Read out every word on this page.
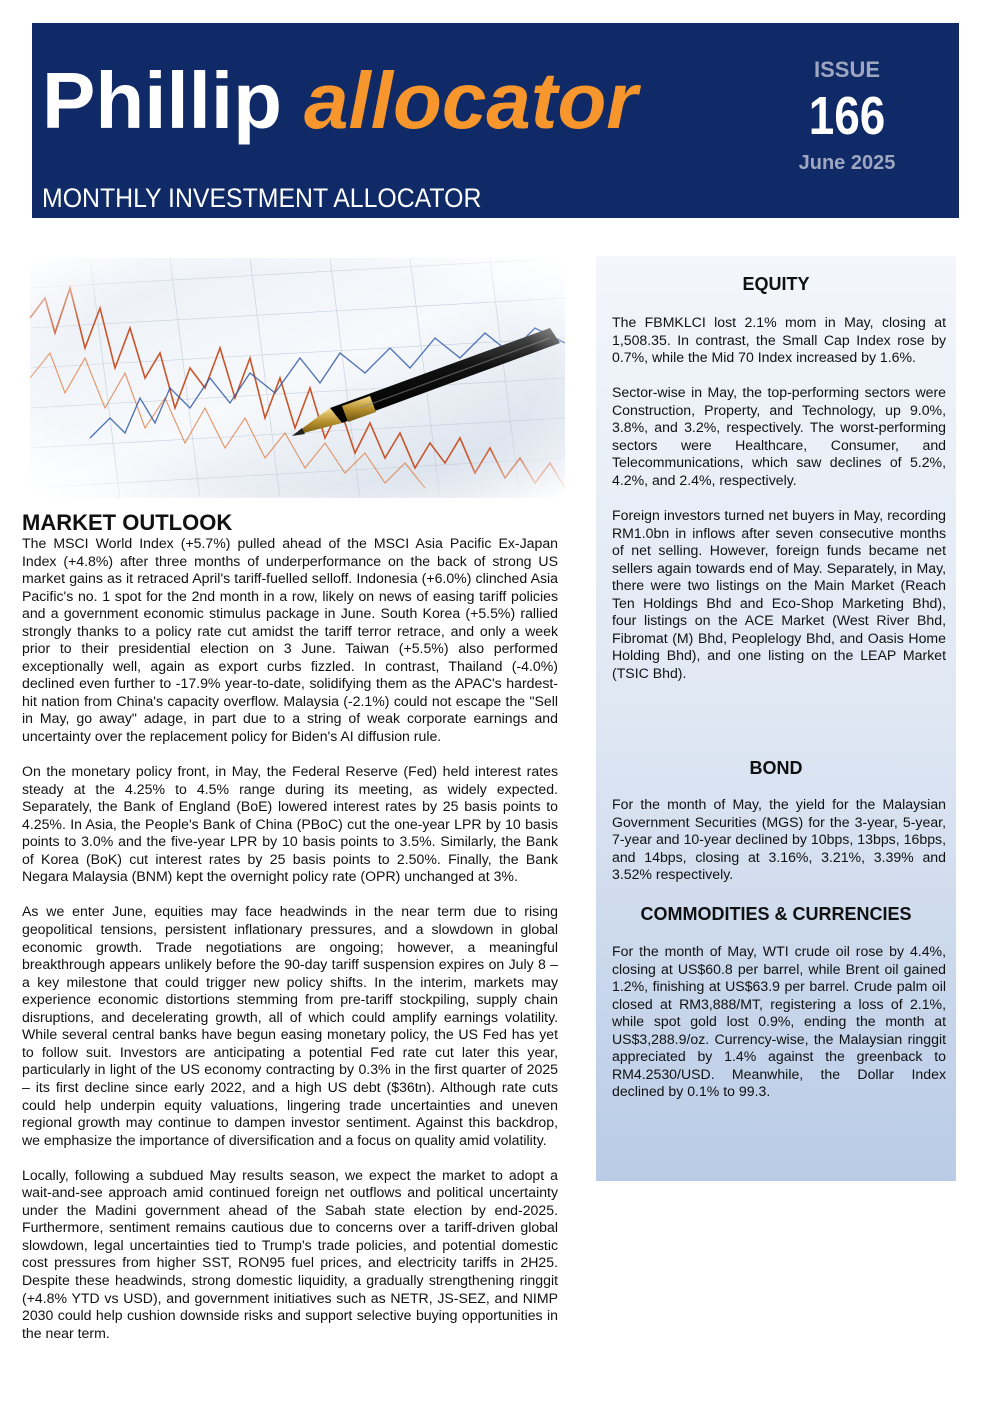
Phillip allocator
MONTHLY INVESTMENT ALLOCATOR
ISSUE
166
June 2025
MARKET OUTLOOK

The MSCI World Index (+5.7%) pulled ahead of the MSCI Asia Pacific Ex-Japan Index (+4.8%) after three months of underperformance on the back of strong US market gains as it retraced April's tariff-fuelled selloff. Indonesia (+6.0%) clinched Asia Pacific's no. 1 spot for the 2nd month in a row, likely on news of easing tariff policies and a government economic stimulus package in June. South Korea (+5.5%) rallied strongly thanks to a policy rate cut amidst the tariff terror retrace, and only a week prior to their presidential election on 3 June. Taiwan (+5.5%) also performed exceptionally well, again as export curbs fizzled. In contrast, Thailand (-4.0%) declined even further to -17.9% year-to-date, solidifying them as the APAC's hardest-hit nation from China's capacity overflow. Malaysia (-2.1%) could not escape the "Sell in May, go away" adage, in part due to a string of weak corporate earnings and uncertainty over the replacement policy for Biden's AI diffusion rule.

On the monetary policy front, in May, the Federal Reserve (Fed) held interest rates steady at the 4.25% to 4.5% range during its meeting, as widely expected. Separately, the Bank of England (BoE) lowered interest rates by 25 basis points to 4.25%. In Asia, the People's Bank of China (PBoC) cut the one-year LPR by 10 basis points to 3.0% and the five-year LPR by 10 basis points to 3.5%. Similarly, the Bank of Korea (BoK) cut interest rates by 25 basis points to 2.50%. Finally, the Bank Negara Malaysia (BNM) kept the overnight policy rate (OPR) unchanged at 3%.

As we enter June, equities may face headwinds in the near term due to rising geopolitical tensions, persistent inflationary pressures, and a slowdown in global economic growth. Trade negotiations are ongoing; however, a meaningful breakthrough appears unlikely before the 90-day tariff suspension expires on July 8 – a key milestone that could trigger new policy shifts. In the interim, markets may experience economic distortions stemming from pre-tariff stockpiling, supply chain disruptions, and decelerating growth, all of which could amplify earnings volatility. While several central banks have begun easing monetary policy, the US Fed has yet to follow suit. Investors are anticipating a potential Fed rate cut later this year, particularly in light of the US economy contracting by 0.3% in the first quarter of 2025 – its first decline since early 2022, and a high US debt ($36tn). Although rate cuts could help underpin equity valuations, lingering trade uncertainties and uneven regional growth may continue to dampen investor sentiment. Against this backdrop, we emphasize the importance of diversification and a focus on quality amid volatility.

Locally, following a subdued May results season, we expect the market to adopt a wait-and-see approach amid continued foreign net outflows and political uncertainty under the Madini government ahead of the Sabah state election by end-2025. Furthermore, sentiment remains cautious due to concerns over a tariff-driven global slowdown, legal uncertainties tied to Trump's trade policies, and potential domestic cost pressures from higher SST, RON95 fuel prices, and electricity tariffs in 2H25. Despite these headwinds, strong domestic liquidity, a gradually strengthening ringgit (+4.8% YTD vs USD), and government initiatives such as NETR, JS-SEZ, and NIMP 2030 could help cushion downside risks and support selective buying opportunities in the near term.

EQUITY

The FBMKLCI lost 2.1% mom in May, closing at 1,508.35. In contrast, the Small Cap Index rose by 0.7%, while the Mid 70 Index increased by 1.6%.

Sector-wise in May, the top-performing sectors were Construction, Property, and Technology, up 9.0%, 3.8%, and 3.2%, respectively. The worst-performing sectors were Healthcare, Consumer, and Telecommunications, which saw declines of 5.2%, 4.2%, and 2.4%, respectively.

Foreign investors turned net buyers in May, recording RM1.0bn in inflows after seven consecutive months of net selling. However, foreign funds became net sellers again towards end of May. Separately, in May, there were two listings on the Main Market (Reach Ten Holdings Bhd and Eco-Shop Marketing Bhd), four listings on the ACE Market (West River Bhd, Fibromat (M) Bhd, Peoplelogy Bhd, and Oasis Home Holding Bhd), and one listing on the LEAP Market (TSIC Bhd).

BOND

For the month of May, the yield for the Malaysian Government Securities (MGS) for the 3-year, 5-year, 7-year and 10-year declined by 10bps, 13bps, 16bps, and 14bps, closing at 3.16%, 3.21%, 3.39% and 3.52% respectively.

COMMODITIES & CURRENCIES

For the month of May, WTI crude oil rose by 4.4%, closing at US$60.8 per barrel, while Brent oil gained 1.2%, finishing at US$63.9 per barrel. Crude palm oil closed at RM3,888/MT, registering a loss of 2.1%, while spot gold lost 0.9%, ending the month at US$3,288.9/oz. Currency-wise, the Malaysian ringgit appreciated by 1.4% against the greenback to RM4.2530/USD. Meanwhile, the Dollar Index declined by 0.1% to 99.3.
